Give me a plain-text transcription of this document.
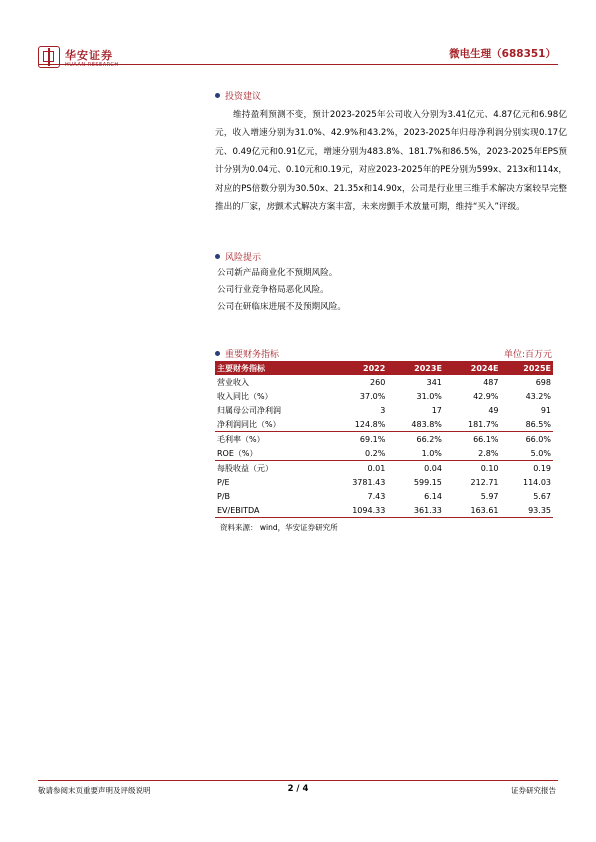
华安证券
HUAAN RESEARCH
微电生理（688351）
投资建议
维持盈利预测不变，预计2023-2025年公司收入分别为3.41亿元、4.87亿元和6.98亿元，收入增速分别为31.0%、42.9%和43.2%，2023-2025年归母净利润分别实现0.17亿元、0.49亿元和0.91亿元，增速分别为483.8%、181.7%和86.5%，2023-2025年EPS预计分别为0.04元、0.10元和0.19元，对应2023-2025年的PE分别为599x、213x和114x，对应的PS倍数分别为30.50x、21.35x和14.90x，公司是行业里三维手术解决方案较早完整推出的厂家，房颤术式解决方案丰富，未来房颤手术放量可期，维持“买入”评级。
风险提示
公司新产品商业化不预期风险。
公司行业竞争格局恶化风险。
公司在研临床进展不及预期风险。
重要财务指标	单位:百万元
主要财务指标	2022	2023E	2024E	2025E
营业收入	260	341	487	698
收入同比（%）	37.0%	31.0%	42.9%	43.2%
归属母公司净利润	3	17	49	91
净利润同比（%）	124.8%	483.8%	181.7%	86.5%
毛利率（%）	69.1%	66.2%	66.1%	66.0%
ROE（%）	0.2%	1.0%	2.8%	5.0%
每股收益（元）	0.01	0.04	0.10	0.19
P/E	3781.43	599.15	212.71	114.03
P/B	7.43	6.14	5.97	5.67
EV/EBITDA	1094.33	361.33	163.61	93.35
资料来源： wind，华安证券研究所
敬请参阅末页重要声明及评级说明	2 / 4	证券研究报告
